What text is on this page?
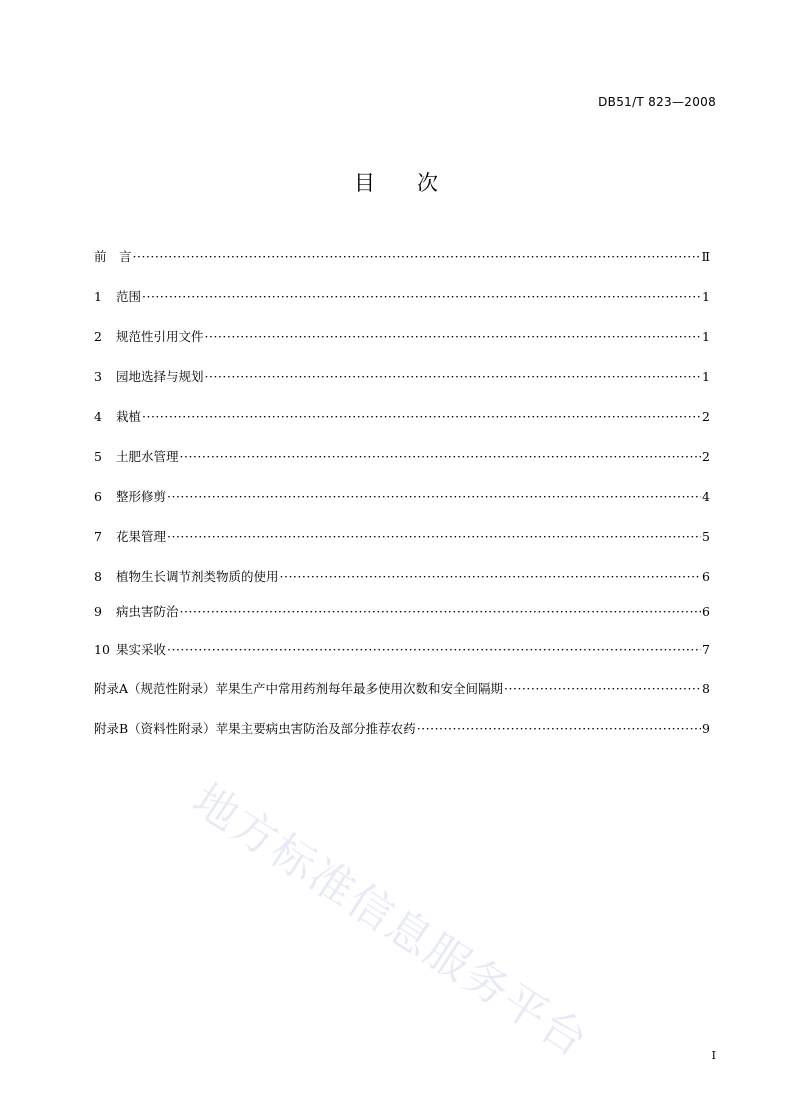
DB51/T 823—2008
目次
前　言 ·····	Ⅱ
1	范围 ·····	1
2	规范性引用文件 ·····	1
3	园地选择与规划 ·····	1
4	栽植 ·····	2
5	土肥水管理 ·····	2
6	整形修剪 ·····	4
7	花果管理 ·····	5
8	植物生长调节剂类物质的使用 ·····	6
9	病虫害防治 ·····	6
10 果实采收 ·····	7
附录A（规范性附录）苹果生产中常用药剂每年最多使用次数和安全间隔期 ·····	8
附录B（资料性附录）苹果主要病虫害防治及部分推荐农药 ·····	9
地方标准信息服务平台	I
